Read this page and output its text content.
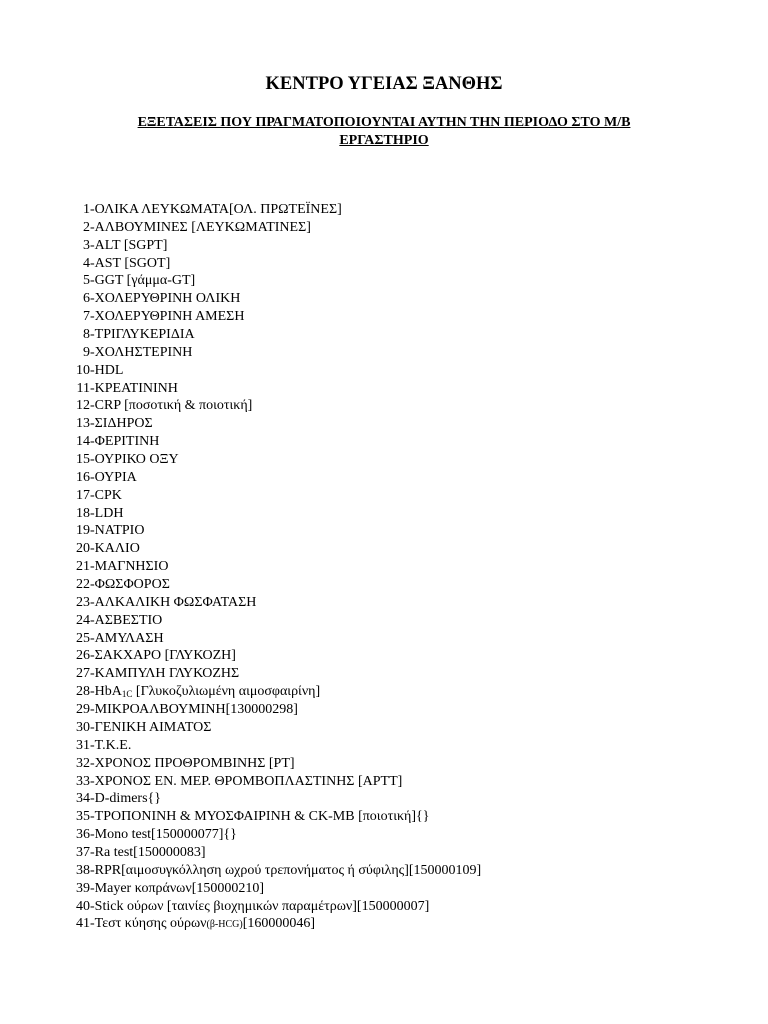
ΚΕΝΤΡΟ ΥΓΕΙΑΣ ΞΑΝΘΗΣ
ΕΞΕΤΑΣΕΙΣ ΠΟΥ ΠΡΑΓΜΑΤΟΠΟΙΟΥΝΤΑΙ ΑΥΤΗΝ ΤΗΝ ΠΕΡΙΟΔΟ ΣΤΟ Μ/Β ΕΡΓΑΣΤΗΡΙΟ
1-ΟΛΙΚΑ ΛΕΥΚΩΜΑΤΑ[ΟΛ. ΠΡΩΤΕΪΝΕΣ]
2-ΑΛΒΟΥΜΙΝΕΣ [ΛΕΥΚΩΜΑΤΙΝΕΣ]
3-ALT [SGPT]
4-AST [SGOT]
5-GGT [γάμμα-GT]
6-ΧΟΛΕΡΥΘΡΙΝΗ ΟΛΙΚΗ
7-ΧΟΛΕΡΥΘΡΙΝΗ ΑΜΕΣΗ
8-ΤΡΙΓΛΥΚΕΡΙΔΙΑ
9-ΧΟΛΗΣΤΕΡΙΝΗ
10-HDL
11-ΚΡΕΑΤΙΝΙΝΗ
12-CRP [ποσοτική & ποιοτική]
13-ΣΙΔΗΡΟΣ
14-ΦΕΡΙΤΙΝΗ
15-ΟΥΡΙΚΟ ΟΞΥ
16-ΟΥΡΙΑ
17-CPK
18-LDH
19-ΝΑΤΡΙΟ
20-ΚΑΛΙΟ
21-ΜΑΓΝΗΣΙΟ
22-ΦΩΣΦΟΡΟΣ
23-ΑΛΚΑΛΙΚΗ ΦΩΣΦΑΤΑΣΗ
24-ΑΣΒΕΣΤΙΟ
25-ΑΜΥΛΑΣΗ
26-ΣΑΚΧΑΡΟ [ΓΛΥΚΟΖΗ]
27-ΚΑΜΠΥΛΗ ΓΛΥΚΟΖΗΣ
28-HbA$_{1C}$ [Γλυκοζυλιωμένη αιμοσφαιρίνη]
29-ΜΙΚΡΟΑΛΒΟΥΜΙΝΗ[130000298]
30-ΓΕΝΙΚΗ ΑΙΜΑΤΟΣ
31-Τ.Κ.Ε.
32-ΧΡΟΝΟΣ ΠΡΟΘΡΟΜΒΙΝΗΣ [PT]
33-ΧΡΟΝΟΣ ΕΝ. ΜΕΡ. ΘΡΟΜΒΟΠΛΑΣΤΙΝΗΣ [APTT]
34-D-dimers{}
35-ΤΡΟΠΟΝΙΝΗ & ΜΥΟΣΦΑΙΡΙΝΗ & CK-MB [ποιοτική]{}
36-Mono test[150000077]{}
37-Ra test[150000083]
38-RPR[αιμοσυγκόλληση ωχρού τρεπονήματος ή σύφιλης][150000109]
39-Mayer κοπράνων[150000210]
40-Stick ούρων [ταινίες βιοχημικών παραμέτρων][150000007]
41-Τεστ κύησης ούρων(β-HCG)[160000046]
